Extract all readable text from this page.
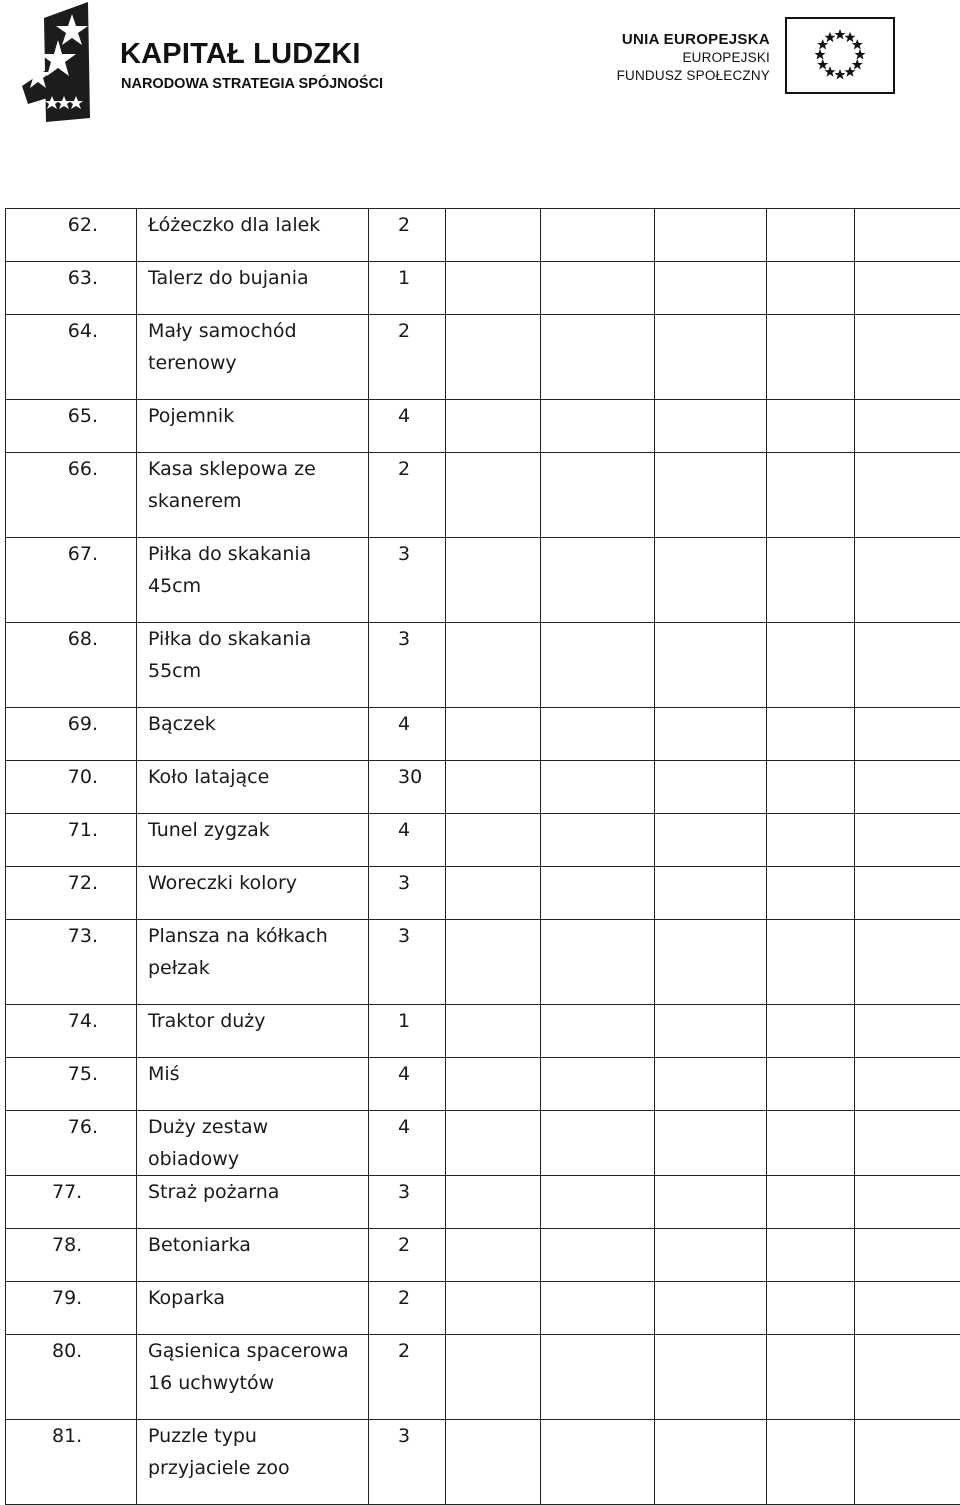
KAPITAŁ LUDZKI
NARODOWA STRATEGIA SPÓJNOŚCI
UNIA EUROPEJSKA
EUROPEJSKI
FUNDUSZ SPOŁECZNY
62.	Łóżeczko dla lalek	2					

63.	Talerz do bujania	1					

64.	Mały samochód terenowy	2					

65.	Pojemnik	4					

66.	Kasa sklepowa ze skanerem	2					

67.	Piłka do skakania 45cm	3					

68.	Piłka do skakania 55cm	3					

69.	Bączek	4					

70.	Koło latające	30					

71.	Tunel zygzak	4					

72.	Woreczki kolory	3					

73.	Plansza na kółkach pełzak	3					

74.	Traktor duży	1					

75.	Miś	4					

76.	Duży zestaw obiadowy	4					

77.	Straż pożarna	3					

78.	Betoniarka	2					

79.	Koparka	2					

80.	Gąsienica spacerowa 16 uchwytów	2					

81.	Puzzle typu przyjaciele zoo	3					
